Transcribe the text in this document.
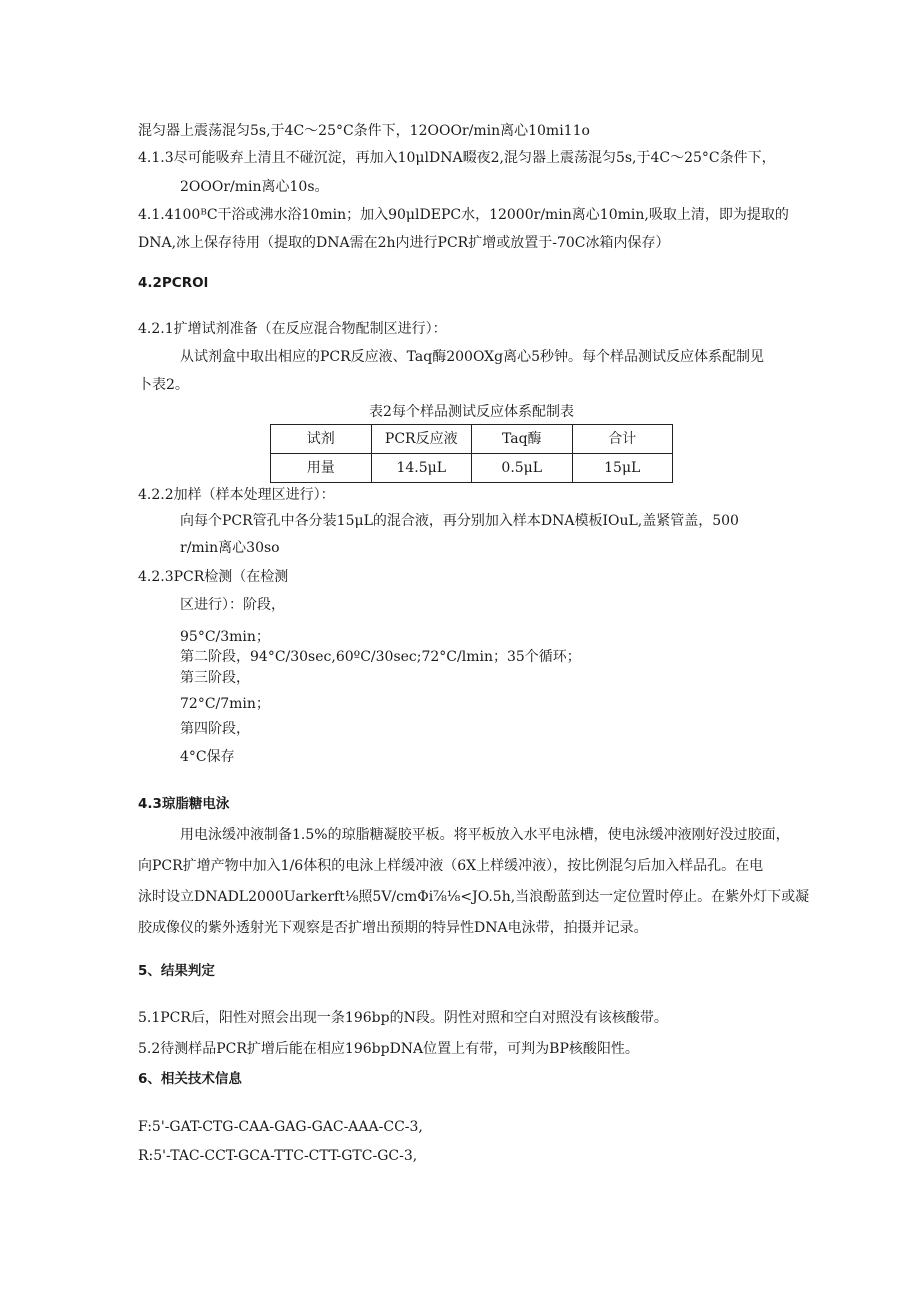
混匀器上震荡混匀5s,于4C～25°C条件下，12OOOr/min离心10mi11o
4.1.3尽可能吸弃上清且不碰沉淀，再加入10μlDNA畷夜2,混匀器上震荡混匀5s,于4C～25°C条件下，
2OOOr/min离心10s。
4.1.4100ᴮC干浴或沸水浴10min；加入90μlDEPC水，12000r/min离心10min,吸取上清，即为提取的
DNA,冰上保存待用（提取的DNA需在2h内进行PCR扩增或放置于-70C冰箱内保存）
4.2PCROl
4.2.1扩增试剂准备（在反应混合物配制区进行）：
从试剂盒中取出相应的PCR反应液、Taq酶200OXg离心5秒钟。每个样品测试反应体系配制见
卜表2。
表2每个样品测试反应体系配制表
试剂	PCR反应液	Taq酶	合计
用量	14.5μL	0.5μL	15μL
4.2.2加样（样本处理区进行）：
向每个PCR管孔中各分装15μL的混合液，再分别加入样本DNA模板IOuL,盖紧管盖，500
r/min离心30so
4.2.3PCR检测（在检测
区进行）：阶段，
95°C/3min；
第二阶段，94°C/30sec,60ºC/30sec;72°C/lmin；35个循环；
第三阶段，
72°C/7min；
第四阶段，
4°C保存
4.3琼脂糖电泳
用电泳缓冲液制备1.5%的琼脂糖凝胶平板。将平板放入水平电泳槽，使电泳缓冲液刚好没过胶面，
向PCR扩增产物中加入1/6体积的电泳上样缓冲液（6X上样缓冲液），按比例混匀后加入样品孔。在电
泳时设立DNADL2000Uarkerft⅛照5V/cmΦi⅞⅛<JO.5h,当浪酚蓝到达一定位置时停止。在紫外灯下或凝
胶成像仪的紫外透射光下观察是否扩增出预期的特异性DNA电泳带，拍摄并记录。
5、结果判定
5.1PCR后，阳性对照会出现一条196bp的N段。阴性对照和空白对照没有该核酸带。
5.2待测样品PCR扩增后能在相应196bpDNA位置上有带，可判为BP核酸阳性。
6、相关技术信息
F:5'-GAT-CTG-CAA-GAG-GAC-AAA-CC-3,
R:5'-TAC-CCT-GCA-TTC-CTT-GTC-GC-3,
